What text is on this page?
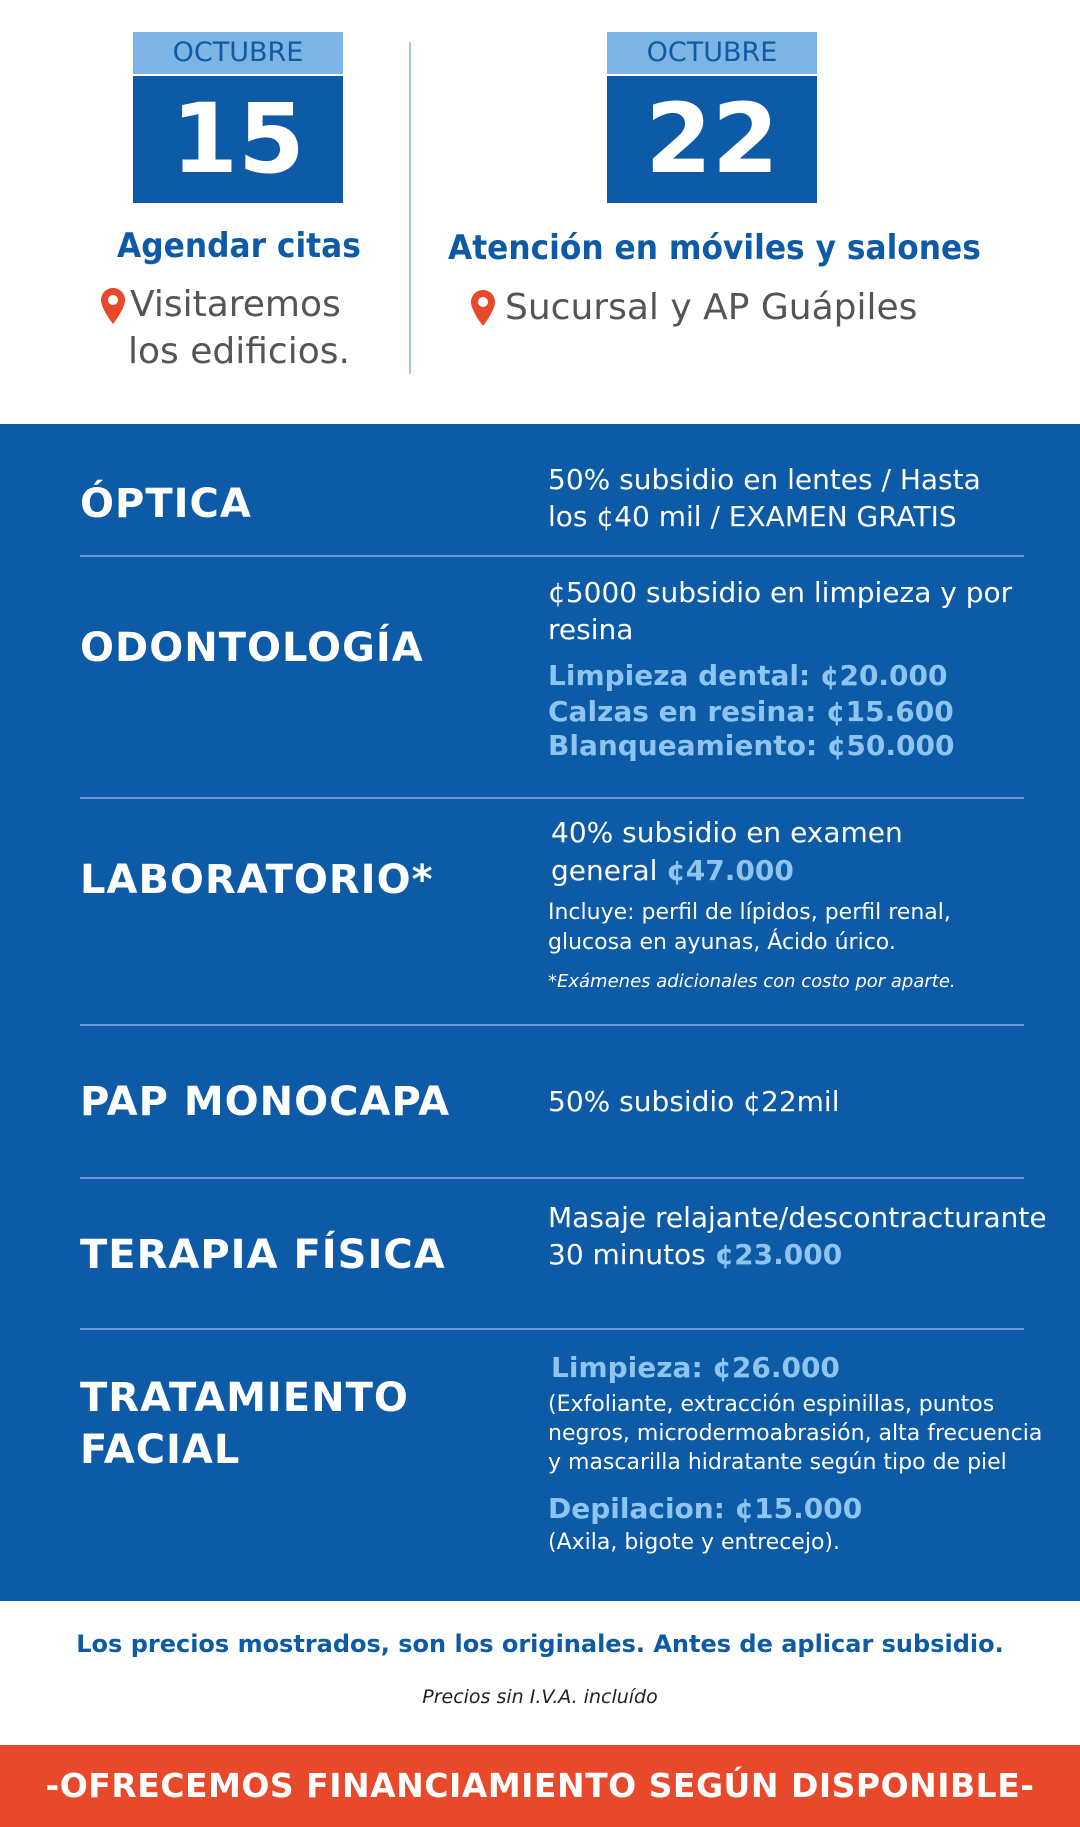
OCTUBRE
15
Agendar citas
Visitaremos
los edificios.
OCTUBRE
22
Atención en móviles y salones
Sucursal y AP Guápiles
ÓPTICA
50% subsidio en lentes / Hasta
los ¢40 mil / EXAMEN GRATIS
ODONTOLOGÍA
¢5000 subsidio en limpieza y por
resina
Limpieza dental: ¢20.000
Calzas en resina: ¢15.600
Blanqueamiento: ¢50.000
LABORATORIO*
40% subsidio en examen
general ¢47.000
Incluye: perfil de lípidos, perfil renal,
glucosa en ayunas, Ácido úrico.
*Exámenes adicionales con costo por aparte.
PAP MONOCAPA	50% subsidio ¢22mil
TERAPIA FÍSICA
Masaje relajante/descontracturante
30 minutos ¢23.000
TRATAMIENTO
FACIAL
Limpieza: ¢26.000
(Exfoliante, extracción espinillas, puntos
negros, microdermoabrasión, alta frecuencia
y mascarilla hidratante según tipo de piel
Depilacion: ¢15.000
(Axila, bigote y entrecejo).
Los precios mostrados, son los originales. Antes de aplicar subsidio.
Precios sin I.V.A. incluído
-OFRECEMOS FINANCIAMIENTO SEGÚN DISPONIBLE-
